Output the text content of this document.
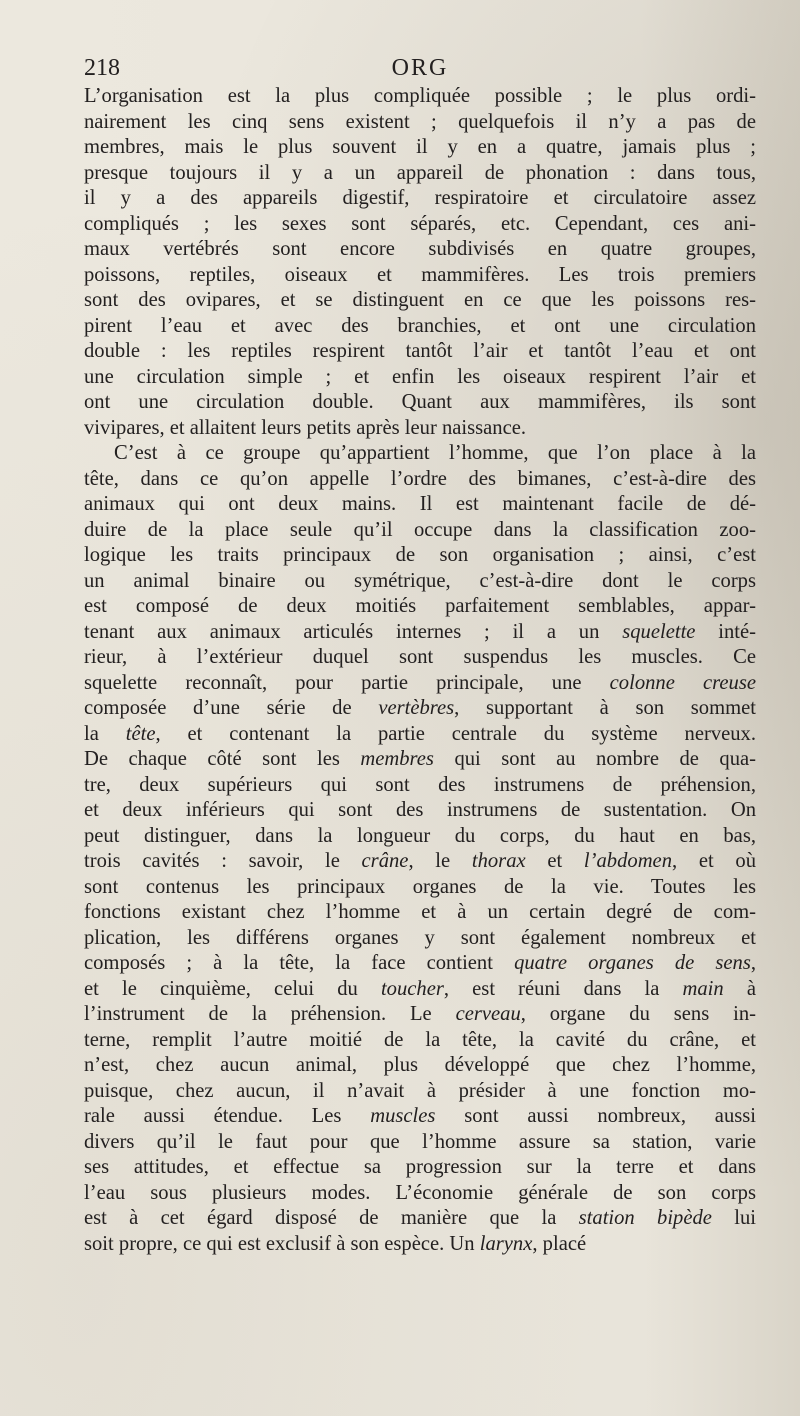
218	ORG
L’organisation est la plus compliquée possible ; le plus ordi-
nairement les cinq sens existent ; quelquefois il n’y a pas de
membres, mais le plus souvent il y en a quatre, jamais plus ;
presque toujours il y a un appareil de phonation : dans tous,
il y a des appareils digestif, respiratoire et circulatoire assez
compliqués ; les sexes sont séparés, etc. Cependant, ces ani-
maux vertébrés sont encore subdivisés en quatre groupes,
poissons, reptiles, oiseaux et mammifères. Les trois premiers
sont des ovipares, et se distinguent en ce que les poissons res-
pirent l’eau et avec des branchies, et ont une circulation
double : les reptiles respirent tantôt l’air et tantôt l’eau et ont
une circulation simple ; et enfin les oiseaux respirent l’air et
ont une circulation double. Quant aux mammifères, ils sont
vivipares, et allaitent leurs petits après leur naissance.
C’est à ce groupe qu’appartient l’homme, que l’on place à la
tête, dans ce qu’on appelle l’ordre des bimanes, c’est-à-dire des
animaux qui ont deux mains. Il est maintenant facile de dé-
duire de la place seule qu’il occupe dans la classification zoo-
logique les traits principaux de son organisation ; ainsi, c’est
un animal binaire ou symétrique, c’est-à-dire dont le corps
est composé de deux moitiés parfaitement semblables, appar-
tenant aux animaux articulés internes ; il a un squelette inté-
rieur, à l’extérieur duquel sont suspendus les muscles. Ce
squelette reconnaît, pour partie principale, une colonne creuse
composée d’une série de vertèbres, supportant à son sommet
la tête, et contenant la partie centrale du système nerveux.
De chaque côté sont les membres qui sont au nombre de qua-
tre, deux supérieurs qui sont des instrumens de préhension,
et deux inférieurs qui sont des instrumens de sustentation. On
peut distinguer, dans la longueur du corps, du haut en bas,
trois cavités : savoir, le crâne, le thorax et l’abdomen, et où
sont contenus les principaux organes de la vie. Toutes les
fonctions existant chez l’homme et à un certain degré de com-
plication, les différens organes y sont également nombreux et
composés ; à la tête, la face contient quatre organes de sens,
et le cinquième, celui du toucher, est réuni dans la main à
l’instrument de la préhension. Le cerveau, organe du sens in-
terne, remplit l’autre moitié de la tête, la cavité du crâne, et
n’est, chez aucun animal, plus développé que chez l’homme,
puisque, chez aucun, il n’avait à présider à une fonction mo-
rale aussi étendue. Les muscles sont aussi nombreux, aussi
divers qu’il le faut pour que l’homme assure sa station, varie
ses attitudes, et effectue sa progression sur la terre et dans
l’eau sous plusieurs modes. L’économie générale de son corps
est à cet égard disposé de manière que la station bipède lui
soit propre, ce qui est exclusif à son espèce. Un larynx, placé
